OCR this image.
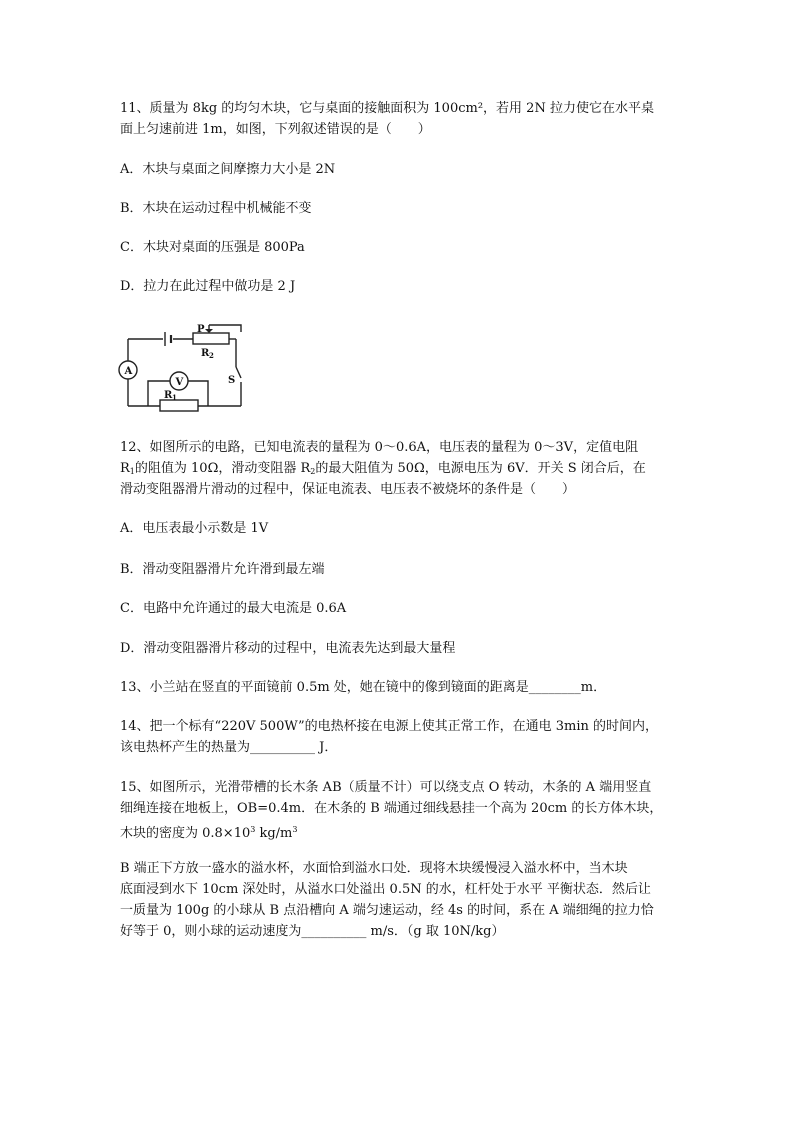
11、质量为 8kg 的均匀木块，它与桌面的接触面积为 100cm²，若用 2N 拉力使它在水平桌

面上匀速前进 1m，如图，下列叙述错误的是（　　）

A．木块与桌面之间摩擦力大小是 2N

B．木块在运动过程中机械能不变

C．木块对桌面的压强是 800Pa

D．拉力在此过程中做功是 2 J

P
R 2
A
V
R 1
S

12、如图所示的电路，已知电流表的量程为 0～0.6A，电压表的量程为 0～3V，定值电阻

$R_1$的阻值为 10Ω，滑动变阻器 $R_2$的最大阻值为 50Ω，电源电压为 6V．开关 S 闭合后，在

滑动变阻器滑片滑动的过程中，保证电流表、电压表不被烧坏的条件是（　　）

A．电压表最小示数是 1V

B．滑动变阻器滑片允许滑到最左端

C．电路中允许通过的最大电流是 0.6A

D．滑动变阻器滑片移动的过程中，电流表先达到最大量程

13、小兰站在竖直的平面镜前 0.5m 处，她在镜中的像到镜面的距离是________m．

14、把一个标有“220V 500W”的电热杯接在电源上使其正常工作，在通电 3min 的时间内，

该电热杯产生的热量为__________ J．

15、如图所示，光滑带槽的长木条 AB（质量不计）可以绕支点 O 转动，木条的 A 端用竖直

细绳连接在地板上，OB=0.4m．在木条的 B 端通过细线悬挂一个高为 20cm 的长方体木块，

木块的密度为 $0.8\times 10^3$ $kg/m^3$

B 端正下方放一盛水的溢水杯，水面恰到溢水口处．现将木块缓慢浸入溢水杯中，当木块

底面浸到水下 10cm 深处时，从溢水口处溢出 0.5N 的水，杠杆处于水平 平衡状态．然后让

一质量为 100g 的小球从 B 点沿槽向 A 端匀速运动，经 4s 的时间，系在 A 端细绳的拉力恰

好等于 0，则小球的运动速度为__________ m/s．（g 取 10N/kg）
